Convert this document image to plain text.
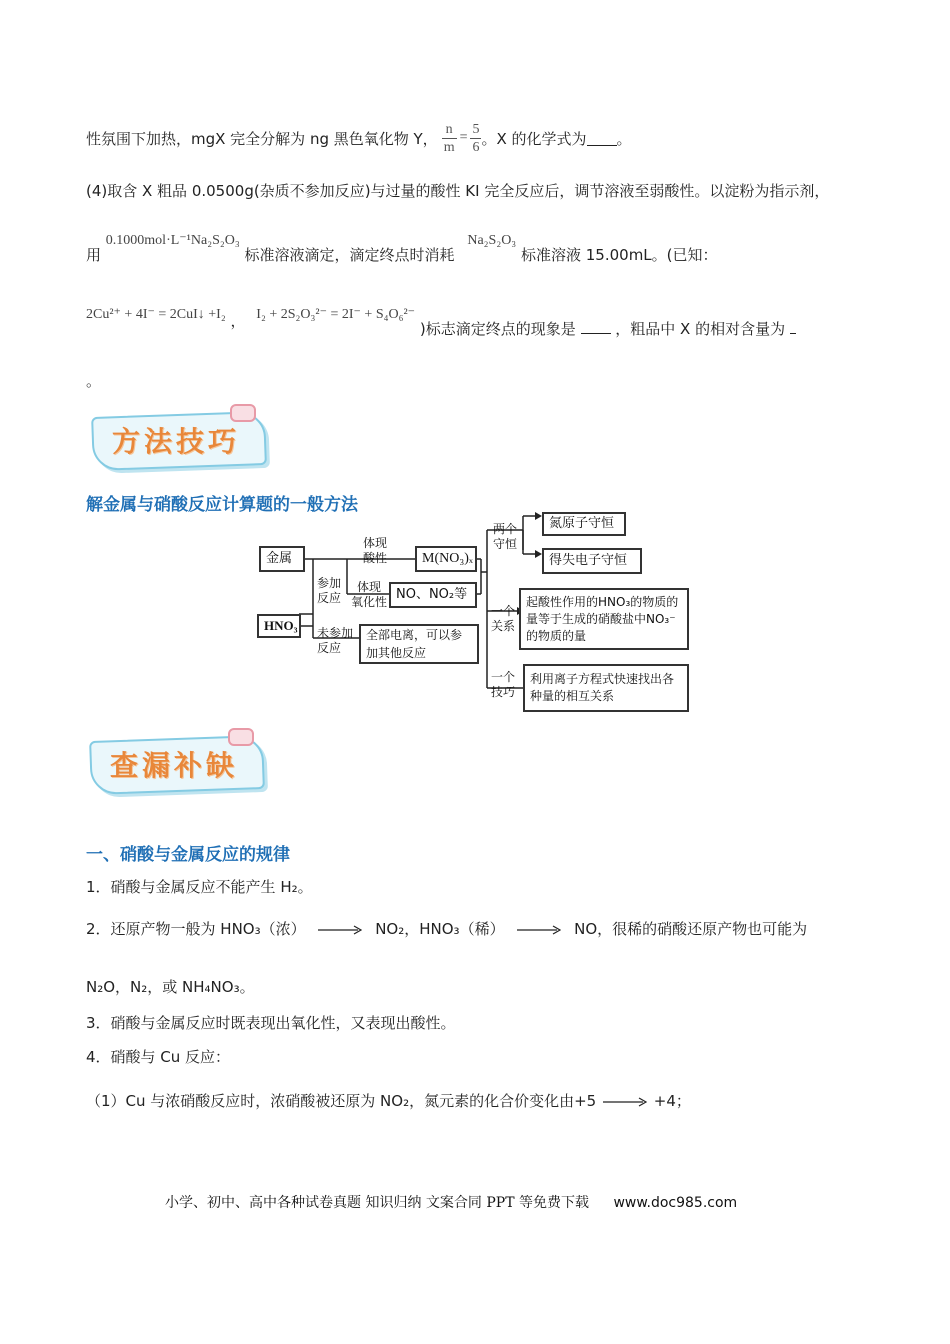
性氛围下加热，mgX 完全分解为 ng 黑色氧化物 Y， $\frac{n}{m} = \frac{5}{6}$ 。X 的化学式为 。
(4)取含 X 粗品 0.0500g(杂质不参加反应)与过量的酸性 KI 完全反应后，调节溶液至弱酸性。以淀粉为指示剂，
用 0.1000mol·L⁻¹Na₂S₂O₃ 标准溶液滴定，滴定终点时消耗 Na₂S₂O₃ 标准溶液 15.00mL。(已知：
2Cu²⁺ + 4I⁻ = 2CuI↓ +I₂ ， I₂ + 2S₂O₃²⁻ = 2I⁻ + S₄O₆²⁻ )标志滴定终点的现象是	，粗品中 X 的相对含量为
。
方法技巧
解金属与硝酸反应计算题的一般方法
金属
HNO₃
参加
反应
未参加
反应
体现
酸性
体现
氧化性
M(NO₃)ₓ
NO、NO₂等
全部电离，可以参加其他反应
两个
守恒
氮原子守恒
得失电子守恒
一个
关系
起酸性作用的HNO₃的物质的量等于生成的硝酸盐中NO₃⁻的物质的量
一个
技巧
利用离子方程式快速找出各种量的相互关系
查漏补缺
一、硝酸与金属反应的规律
1．硝酸与金属反应不能产生 H₂。
2．还原产物一般为 HNO₃（浓）	NO₂，HNO₃（稀）	NO，很稀的硝酸还原产物也可能为
N₂O，N₂，或 NH₄NO₃。
3．硝酸与金属反应时既表现出氧化性，又表现出酸性。
4．硝酸与 Cu 反应：
（1）Cu 与浓硝酸反应时，浓硝酸被还原为 NO₂，氮元素的化合价变化由+5	+4；
小学、初中、高中各种试卷真题 知识归纳 文案合同 PPT 等免费下载 www.doc985.com
